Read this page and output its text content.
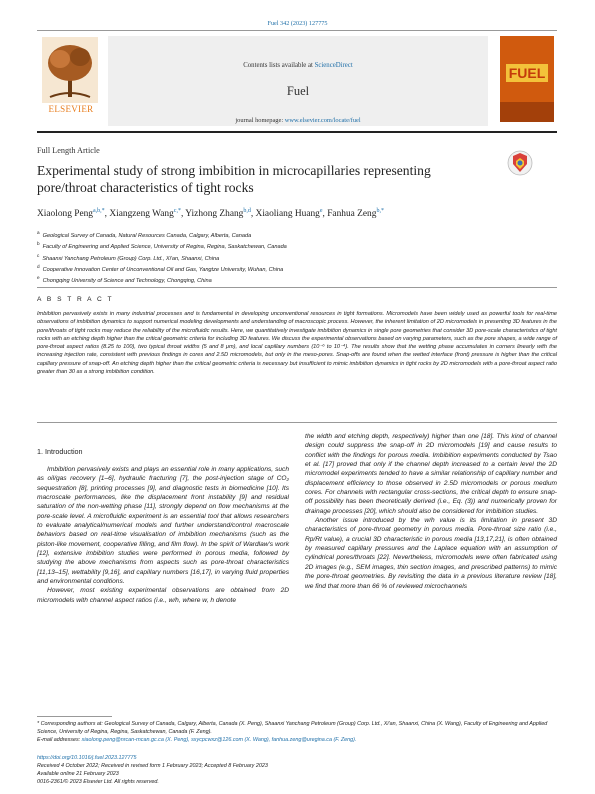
Fuel 342 (2023) 127775
ELSEVIER
Contents lists available at ScienceDirect
Fuel
journal homepage: www.elsevier.com/locate/fuel
FUEL
Full Length Article
Experimental study of strong imbibition in microcapillaries representing pore/throat characteristics of tight rocks
Xiaolong Peng$^{a,b,*}$, Xiangzeng Wang$^{c,*}$, Yizhong Zhang$^{b,d}$, Xiaoliang Huang$^e$, Fanhua Zeng$^{b,*}$
$^a$Geological Survey of Canada, Natural Resources Canada, Calgary, Alberta, Canada
$^b$Faculty of Engineering and Applied Science, University of Regina, Regina, Saskatchewan, Canada
$^c$Shaanxi Yanchang Petroleum (Group) Corp. Ltd., Xi'an, Shaanxi, China
$^d$Cooperative Innovation Center of Unconventional Oil and Gas, Yangtze University, Wuhan, China
$^e$Chongqing University of Science and Technology, Chongqing, China
A B S T R A C T
Imbibition pervasively exists in many industrial processes and is fundamental in developing unconventional resources in tight formations. Micromodels have been widely used as powerful tools for real-time observations of imbibition dynamics to support numerical modeling developments and understanding of macroscopic process. However, the inherent limitation of 2D micromodels in presenting 3D features in the pore/throats of tight rocks may reduce the reliability of the microfluidic results. Here, we quantitatively investigate imbibition dynamics in single pore geometries that consider 3D pore-scale characteristics of tight rocks with an etching depth higher than the critical geometric criteria for including 3D features. We discuss the experimental observations based on varying parameters, such as the pore shapes, a wide range of pore-throat aspect ratios (8.25 to 100), two typical throat widths (5 and 8 μm), and local capillary numbers (10⁻⁶ to 10⁻⁴). The results show that the wetting phase accumulates in corners linearly with the increasing injection rate, consistent with previous findings in cores and 2.5D micromodels, but only in the meso-pores. Snap-offs are found when the wetted interface (front) pressure is higher than the critical capillary pressure of snap-off. An etching depth higher than the critical geometric criteria is necessary but insufficient to mimic imbibition dynamics in tight rocks by 2D micromodels with a pore-throat aspect ratio greater than 30 as a strong imbibition condition.
1. Introduction

Imbibition pervasively exists and plays an essential role in many applications, such as oil/gas recovery [1–6], hydraulic fracturing [7], the post-injection stage of CO₂ sequestration [8], printing processes [9], and diagnostic tests in biomedicine [10]. Its macroscale performances, like the displacement front instability [9] and residual saturation of the non-wetting phase [11], strongly depend on flow mechanisms at the pore-scale level. A microfluidic experiment is an essential tool that allows researchers to evaluate analytical/numerical models and further understand/control macroscale behaviors based on real-time visualisation of imbibition mechanisms (such as the piston-like movement, cooperative filling, and film flow). In the spirit of Wardlaw's work [12], extensive imbibition studies were performed in porous media, followed by studying the above mechanisms from aspects such as pore-throat characteristics [11,13–15], wettability [9,16], and capillary numbers [16,17], in varying fluid properties and environmental conditions.

However, most existing experimental observations are obtained from 2D micromodels with channel aspect ratios (i.e., w/h, where w, h denote

the width and etching depth, respectively) higher than one [18]. This kind of channel design could suppress the snap-off in 2D micromodels [19] and cause results to conflict with the findings for porous media. Imbibition experiments conducted by Tsao et al. [17] proved that only if the channel depth increased to a certain level the 2D micromodel experiments tended to have a similar relationship of capillary number and displacement efficiency to those observed in 2.5D micromodels or porous medium cores. For channels with rectangular cross-sections, the critical depth to ensure snap-off possibility has been theoretically derived (i.e., Eq. (3)) and numerically proven for drainage processes [20], which should also be considered for imbibition studies.

Another issue introduced by the w/h value is its limitation in present 3D characteristics of pore-throat geometry in porous media. Pore-throat size ratio (i.e., Rp/Rt value), a crucial 3D characteristic in porous media [13,17,21], is often obtained by measured capillary pressures and the Laplace equation with an assumption of cylindrical pores/throats [22]. Nevertheless, micromodels were often fabricated using 2D images (e.g., SEM images, thin section images, and prescribed patterns) to mimic the pore-throat geometries. By revisiting the data in a previous literature review [18], we find that more than 66 % of reviewed microchannels

* Corresponding authors at: Geological Survey of Canada, Calgary, Alberta, Canada (X. Peng), Shaanxi Yanchang Petroleum (Group) Corp. Ltd., Xi'an, Shaanxi, China (X. Wang), Faculty of Engineering and Applied Science, University of Regina, Regina, Saskatchewan, Canada (F. Zeng).
E-mail addresses: xiaolong.peng@nrcan-rncan.gc.ca (X. Peng), sxycpcwxz@126.com (X. Wang), fanhua.zeng@uregina.ca (F. Zeng).
https://doi.org/10.1016/j.fuel.2023.127775
Received 4 October 2022; Received in revised form 1 February 2023; Accepted 8 February 2023
Available online 21 February 2023
0016-2361/© 2023 Elsevier Ltd. All rights reserved.
